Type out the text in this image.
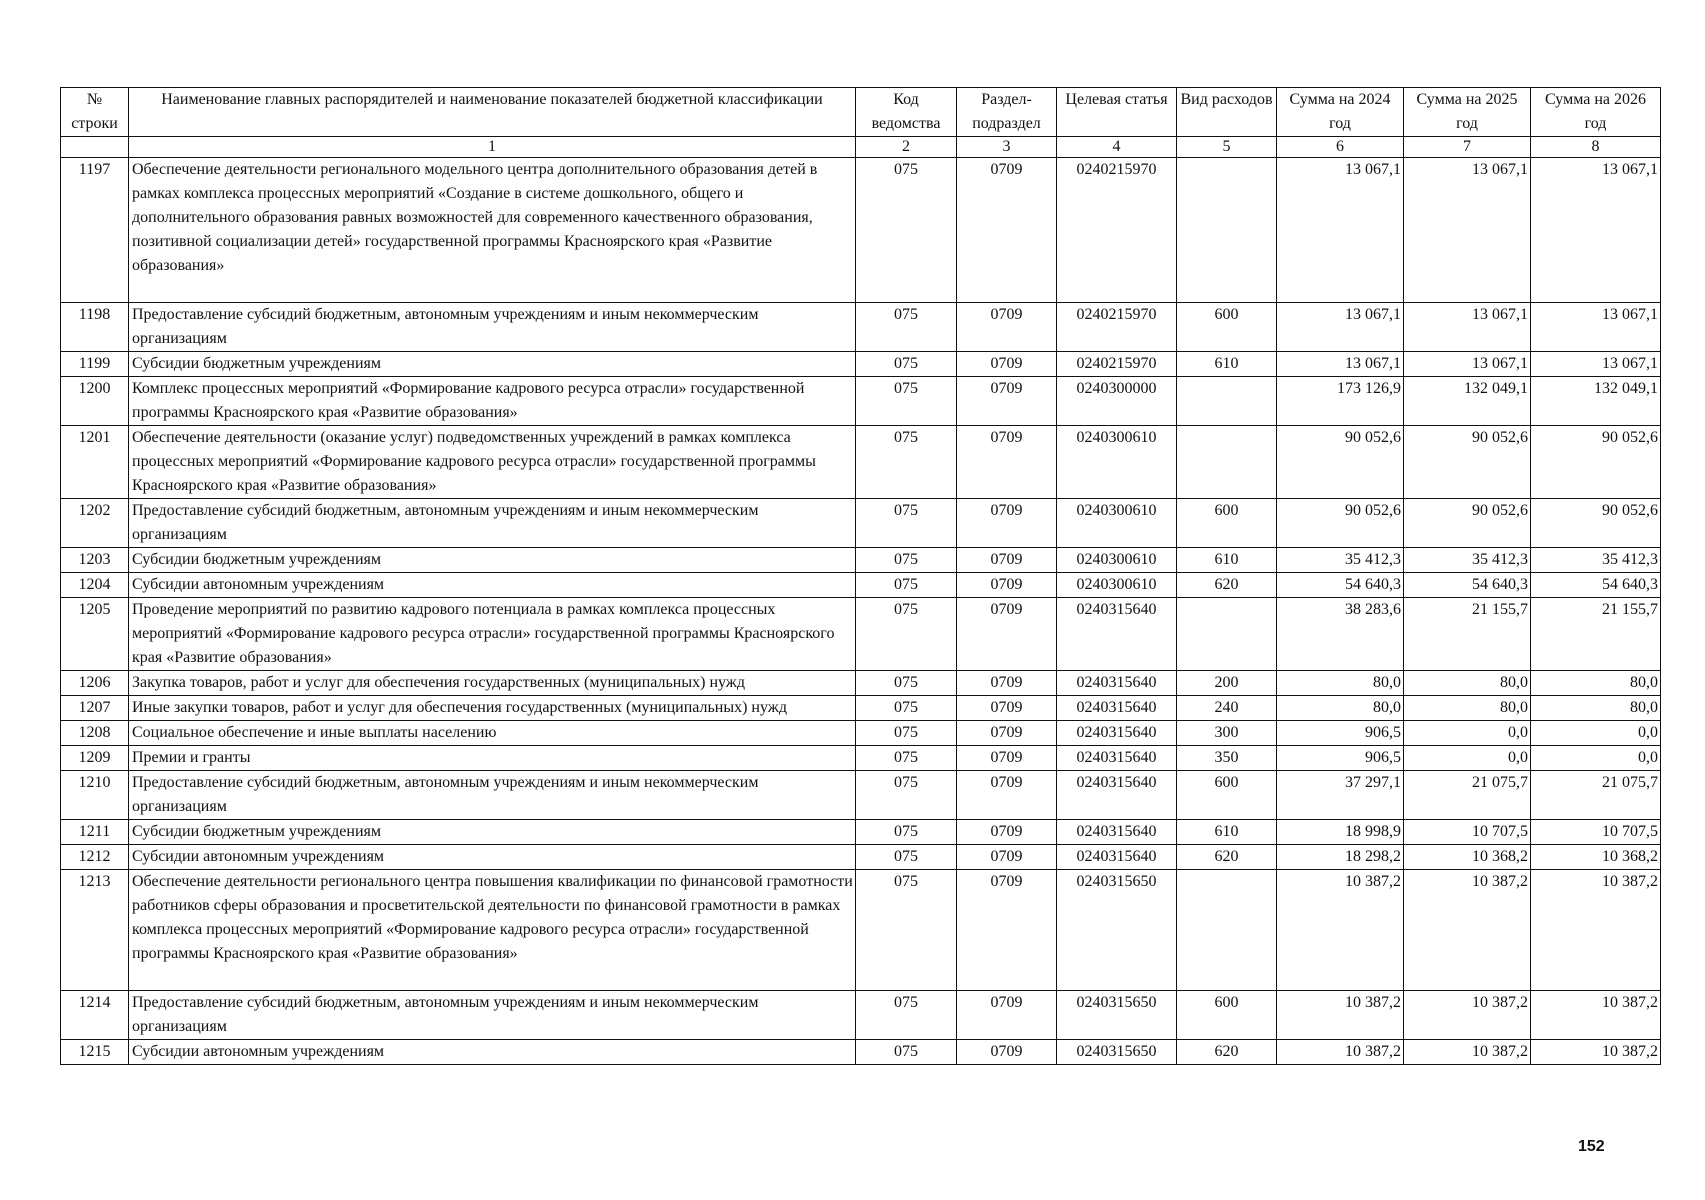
№ строки	Наименование главных распорядителей и наименование показателей бюджетной классификации	Код ведомства	Раздел-подраздел	Целевая статья	Вид расходов	Сумма на 2024 год	Сумма на 2025 год	Сумма на 2026 год
	1	2	3	4	5	6	7	8
1197	Обеспечение деятельности регионального модельного центра дополнительного образования детей в рамках комплекса процессных мероприятий «Создание в системе дошкольного, общего и дополнительного образования равных возможностей для современного качественного образования, позитивной социализации детей» государственной программы Красноярского края «Развитие образования»	075	0709	0240215970		13 067,1	13 067,1	13 067,1
1198	Предоставление субсидий бюджетным, автономным учреждениям и иным некоммерческим организациям	075	0709	0240215970	600	13 067,1	13 067,1	13 067,1
1199	Субсидии бюджетным учреждениям	075	0709	0240215970	610	13 067,1	13 067,1	13 067,1
1200	Комплекс процессных мероприятий «Формирование кадрового ресурса отрасли» государственной программы Красноярского края «Развитие образования»	075	0709	0240300000		173 126,9	132 049,1	132 049,1
1201	Обеспечение деятельности (оказание услуг) подведомственных учреждений в рамках комплекса процессных мероприятий «Формирование кадрового ресурса отрасли» государственной программы Красноярского края «Развитие образования»	075	0709	0240300610		90 052,6	90 052,6	90 052,6
1202	Предоставление субсидий бюджетным, автономным учреждениям и иным некоммерческим организациям	075	0709	0240300610	600	90 052,6	90 052,6	90 052,6
1203	Субсидии бюджетным учреждениям	075	0709	0240300610	610	35 412,3	35 412,3	35 412,3
1204	Субсидии автономным учреждениям	075	0709	0240300610	620	54 640,3	54 640,3	54 640,3
1205	Проведение мероприятий по развитию кадрового потенциала в рамках комплекса процессных мероприятий «Формирование кадрового ресурса отрасли» государственной программы Красноярского края «Развитие образования»	075	0709	0240315640		38 283,6	21 155,7	21 155,7
1206	Закупка товаров, работ и услуг для обеспечения государственных (муниципальных) нужд	075	0709	0240315640	200	80,0	80,0	80,0
1207	Иные закупки товаров, работ и услуг для обеспечения государственных (муниципальных) нужд	075	0709	0240315640	240	80,0	80,0	80,0
1208	Социальное обеспечение и иные выплаты населению	075	0709	0240315640	300	906,5	0,0	0,0
1209	Премии и гранты	075	0709	0240315640	350	906,5	0,0	0,0
1210	Предоставление субсидий бюджетным, автономным учреждениям и иным некоммерческим организациям	075	0709	0240315640	600	37 297,1	21 075,7	21 075,7
1211	Субсидии бюджетным учреждениям	075	0709	0240315640	610	18 998,9	10 707,5	10 707,5
1212	Субсидии автономным учреждениям	075	0709	0240315640	620	18 298,2	10 368,2	10 368,2
1213	Обеспечение деятельности регионального центра повышения квалификации по финансовой грамотности работников сферы образования и просветительской деятельности по финансовой грамотности в рамках комплекса процессных мероприятий «Формирование кадрового ресурса отрасли» государственной программы Красноярского края «Развитие образования»	075	0709	0240315650		10 387,2	10 387,2	10 387,2
1214	Предоставление субсидий бюджетным, автономным учреждениям и иным некоммерческим организациям	075	0709	0240315650	600	10 387,2	10 387,2	10 387,2
1215	Субсидии автономным учреждениям	075	0709	0240315650	620	10 387,2	10 387,2	10 387,2
152
